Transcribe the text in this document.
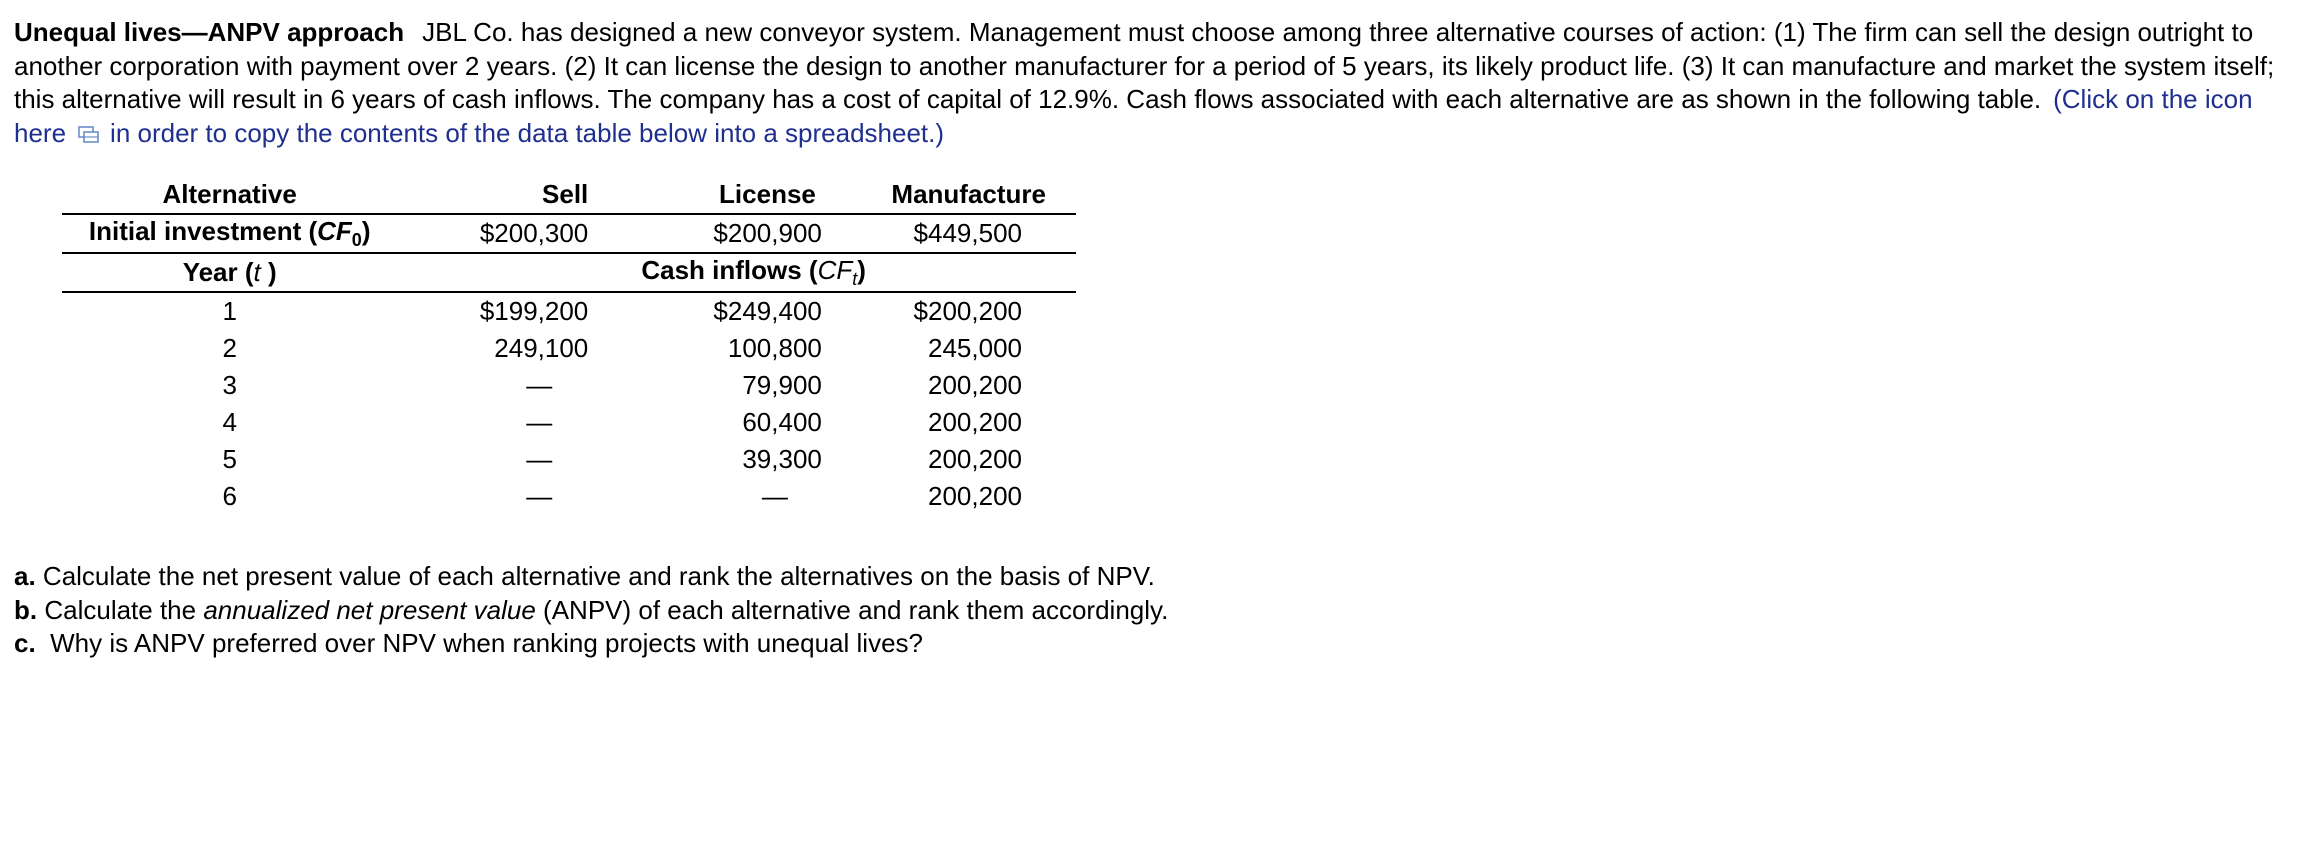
Unequal lives—ANPV approach JBL Co. has designed a new conveyor system. Management must choose among three alternative courses of action: (1) The firm can sell the design outright to another corporation with payment over 2 years. (2) It can license the design to another manufacturer for a period of 5 years, its likely product life. (3) It can manufacture and market the system itself; this alternative will result in 6 years of cash inflows. The company has a cost of capital of 12.9%. Cash flows associated with each alternative are as shown in the following table. (Click on the icon here in order to copy the contents of the data table below into a spreadsheet.)
Alternative	Sell	License	Manufacture
Initial investment $(CF_0)$	$200,300	$200,900	$449,500
Year (t )	Cash inflows $(CF_t)$		
1	$199,200	$249,400	$200,200
2	249,100	100,800	245,000
3	—	79,900	200,200
4	—	60,400	200,200
5	—	39,300	200,200
6	—	—	200,200
a. Calculate the net present value of each alternative and rank the alternatives on the basis of NPV.
b. Calculate the annualized net present value (ANPV) of each alternative and rank them accordingly.
c. Why is ANPV preferred over NPV when ranking projects with unequal lives?
